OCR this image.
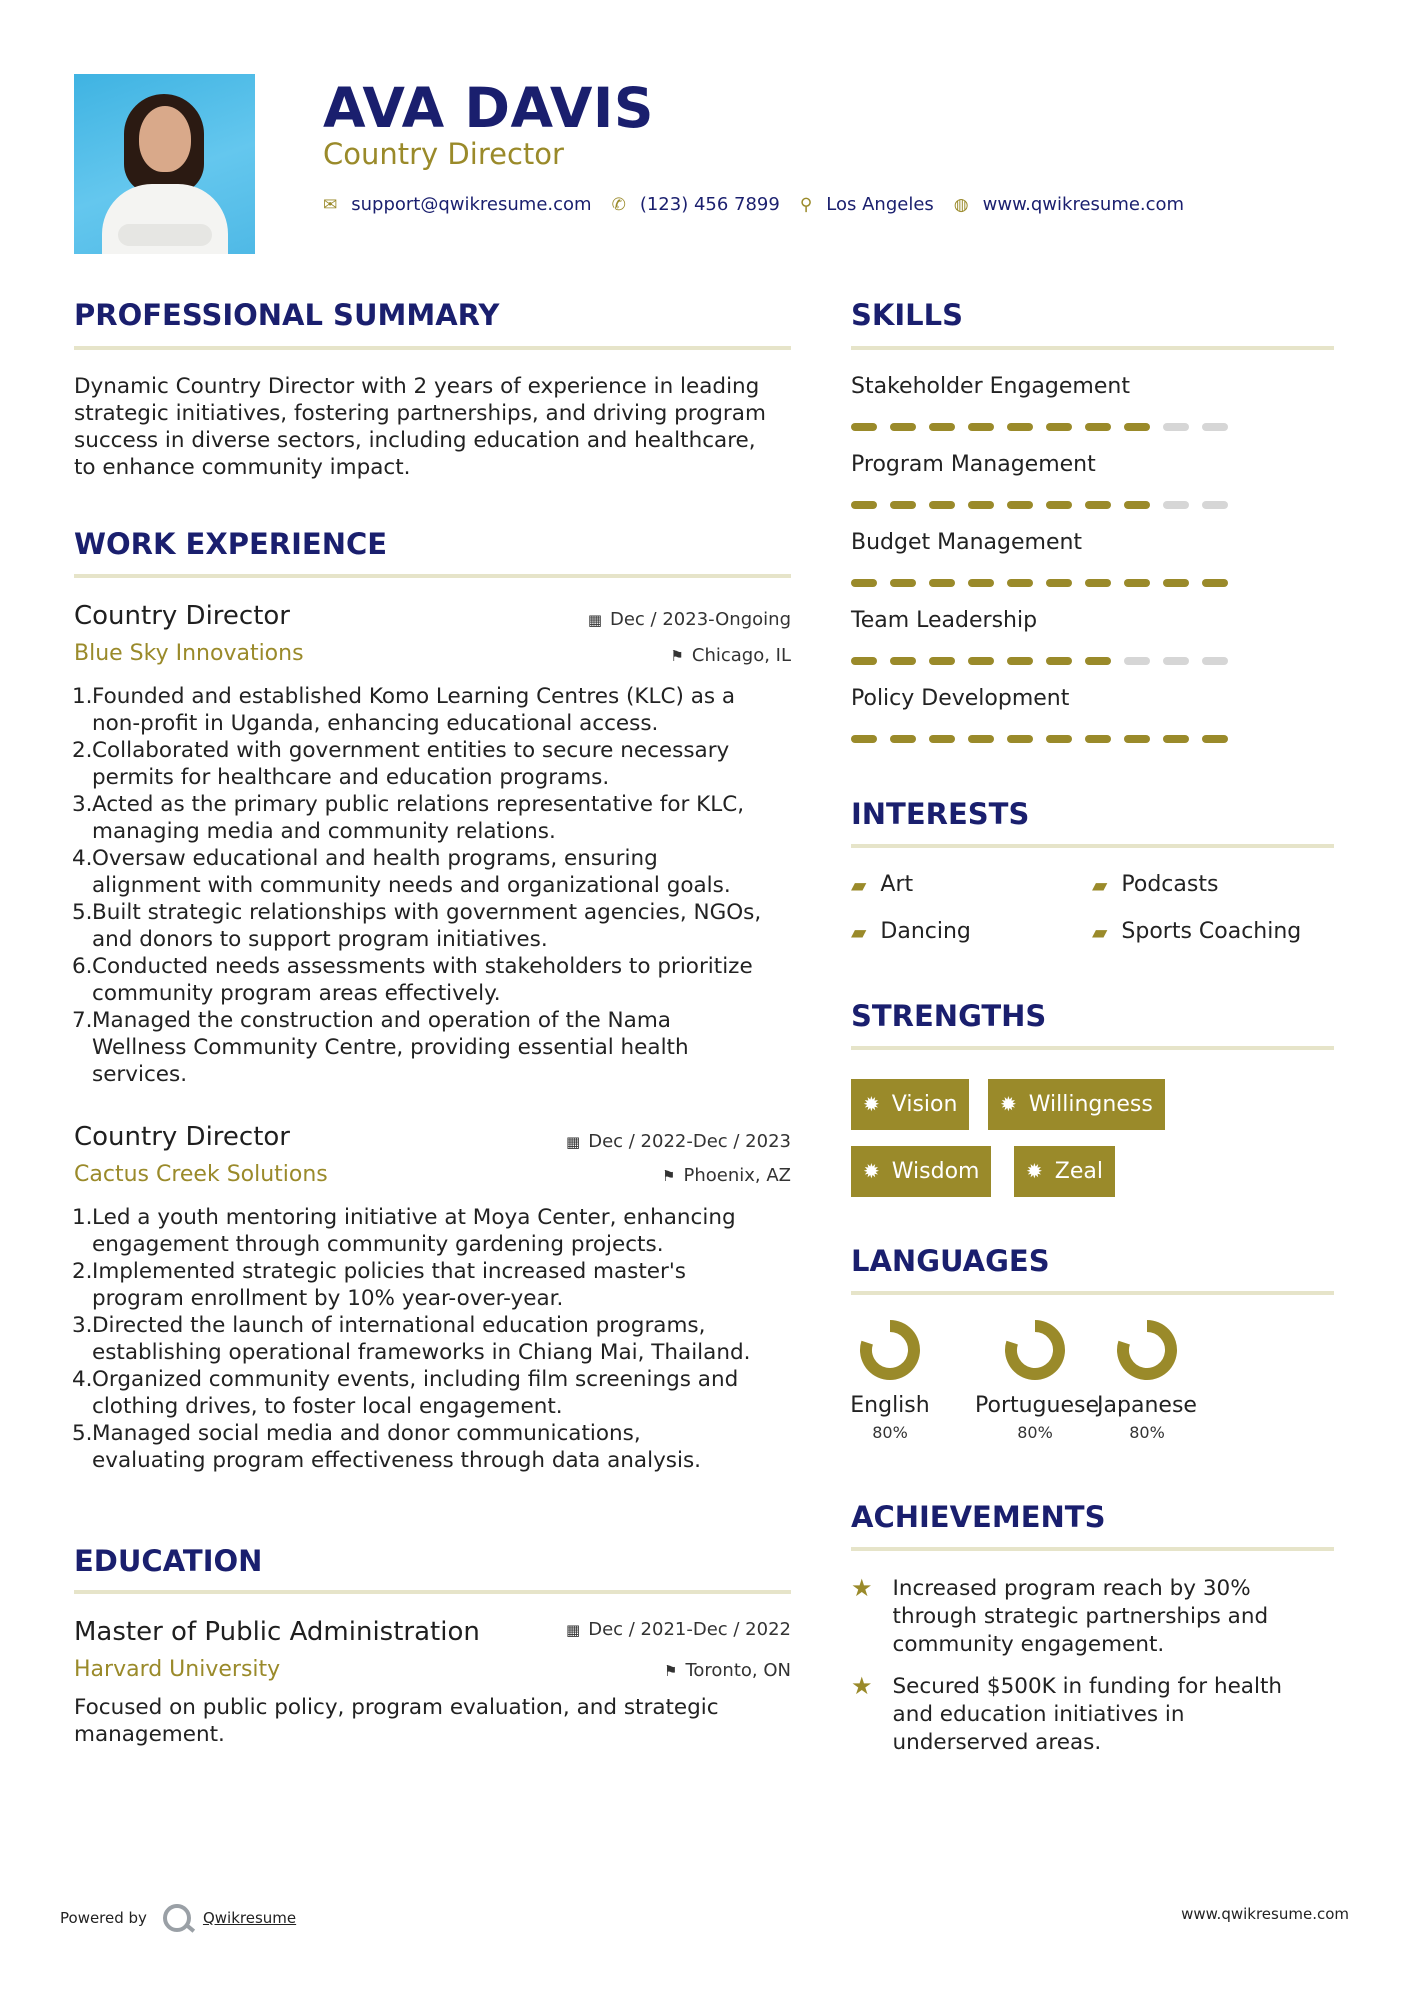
AVA DAVIS
Country Director
✉ support@qwikresume.com ✆ (123) 456 7899 ⚲ Los Angeles ◍ www.qwikresume.com
PROFESSIONAL SUMMARY
Dynamic Country Director with 2 years of experience in leading
strategic initiatives, fostering partnerships, and driving program
success in diverse sectors, including education and healthcare,
to enhance community impact.
WORK EXPERIENCE
Country Director
Blue Sky Innovations
▦ Dec / 2023-Ongoing
⚑ Chicago, IL
1. Founded and established Komo Learning Centres (KLC) as a
non-profit in Uganda, enhancing educational access.
2. Collaborated with government entities to secure necessary
permits for healthcare and education programs.
3. Acted as the primary public relations representative for KLC,
managing media and community relations.
4. Oversaw educational and health programs, ensuring
alignment with community needs and organizational goals.
5. Built strategic relationships with government agencies, NGOs,
and donors to support program initiatives.
6. Conducted needs assessments with stakeholders to prioritize
community program areas effectively.
7. Managed the construction and operation of the Nama
Wellness Community Centre, providing essential health
services.
Country Director
Cactus Creek Solutions
▦ Dec / 2022-Dec / 2023
⚑ Phoenix, AZ
1. Led a youth mentoring initiative at Moya Center, enhancing
engagement through community gardening projects.
2. Implemented strategic policies that increased master's
program enrollment by 10% year-over-year.
3. Directed the launch of international education programs,
establishing operational frameworks in Chiang Mai, Thailand.
4. Organized community events, including film screenings and
clothing drives, to foster local engagement.
5. Managed social media and donor communications,
evaluating program effectiveness through data analysis.
EDUCATION
Master of Public Administration
Harvard University
▦ Dec / 2021-Dec / 2022
⚑ Toronto, ON
Focused on public policy, program evaluation, and strategic
management.
SKILLS
Stakeholder Engagement
Program Management
Budget Management
Team Leadership
Policy Development
INTERESTS
▰ Art	▰ Podcasts
▰ Dancing	▰ Sports Coaching
STRENGTHS
✹ Vision ✹ Willingness
✹ Wisdom ✹ Zeal
LANGUAGES
English
80%
Portuguese
80%
Japanese
80%
ACHIEVEMENTS
★ Increased program reach by 30%
through strategic partnerships and
community engagement.
★ Secured $500K in funding for health
and education initiatives in
underserved areas.
Powered by	Qwikresume	www.qwikresume.com
